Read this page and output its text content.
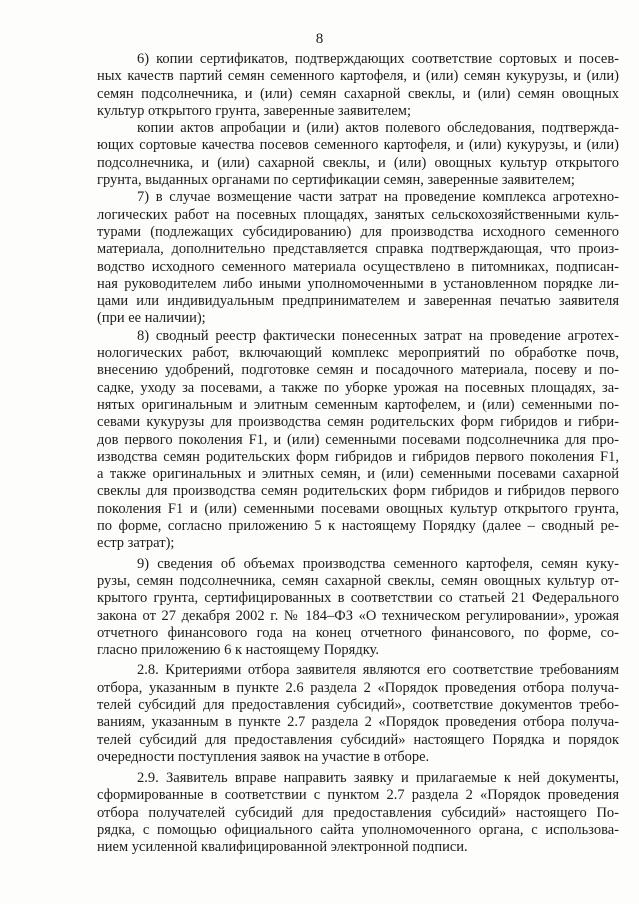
8
6) копии сертификатов, подтверждающих соответствие сортовых и посев-
ных качеств партий семян семенного картофеля, и (или) семян кукурузы, и (или)
семян подсолнечника, и (или) семян сахарной свеклы, и (или) семян овощных
культур открытого грунта, заверенные заявителем;
копии актов апробации и (или) актов полевого обследования, подтвержда-
ющих сортовые качества посевов семенного картофеля, и (или) кукурузы, и (или)
подсолнечника, и (или) сахарной свеклы, и (или) овощных культур открытого
грунта, выданных органами по сертификации семян, заверенные заявителем;
7) в случае возмещение части затрат на проведение комплекса агротехно-
логических работ на посевных площадях, занятых сельскохозяйственными куль-
турами (подлежащих субсидированию) для производства исходного семенного
материала, дополнительно представляется справка подтверждающая, что произ-
водство исходного семенного материала осуществлено в питомниках, подписан-
ная руководителем либо иными уполномоченными в установленном порядке ли-
цами или индивидуальным предпринимателем и заверенная печатью заявителя
(при ее наличии);
8) сводный реестр фактически понесенных затрат на проведение агротех-
нологических работ, включающий комплекс мероприятий по обработке почв,
внесению удобрений, подготовке семян и посадочного материала, посеву и по-
садке, уходу за посевами, а также по уборке урожая на посевных площадях, за-
нятых оригинальным и элитным семенным картофелем, и (или) семенными по-
севами кукурузы для производства семян родительских форм гибридов и гибри-
дов первого поколения F1, и (или) семенными посевами подсолнечника для про-
изводства семян родительских форм гибридов и гибридов первого поколения F1,
а также оригинальных и элитных семян, и (или) семенными посевами сахарной
свеклы для производства семян родительских форм гибридов и гибридов первого
поколения F1 и (или) семенными посевами овощных культур открытого грунта,
по форме, согласно приложению 5 к настоящему Порядку (далее – сводный ре-
естр затрат);
9) сведения об объемах производства семенного картофеля, семян куку-
рузы, семян подсолнечника, семян сахарной свеклы, семян овощных культур от-
крытого грунта, сертифицированных в соответствии со статьей 21 Федерального
закона от 27 декабря 2002 г. № 184–ФЗ «О техническом регулировании», урожая
отчетного финансового года на конец отчетного финансового, по форме, со-
гласно приложению 6 к настоящему Порядку.
2.8. Критериями отбора заявителя являются его соответствие требованиям
отбора, указанным в пункте 2.6 раздела 2 «Порядок проведения отбора получа-
телей субсидий для предоставления субсидий», соответствие документов требо-
ваниям, указанным в пункте 2.7 раздела 2 «Порядок проведения отбора получа-
телей субсидий для предоставления субсидий» настоящего Порядка и порядок
очередности поступления заявок на участие в отборе.
2.9. Заявитель вправе направить заявку и прилагаемые к ней документы,
сформированные в соответствии с пунктом 2.7 раздела 2 «Порядок проведения
отбора получателей субсидий для предоставления субсидий» настоящего По-
рядка, с помощью официального сайта уполномоченного органа, с использова-
нием усиленной квалифицированной электронной подписи.
